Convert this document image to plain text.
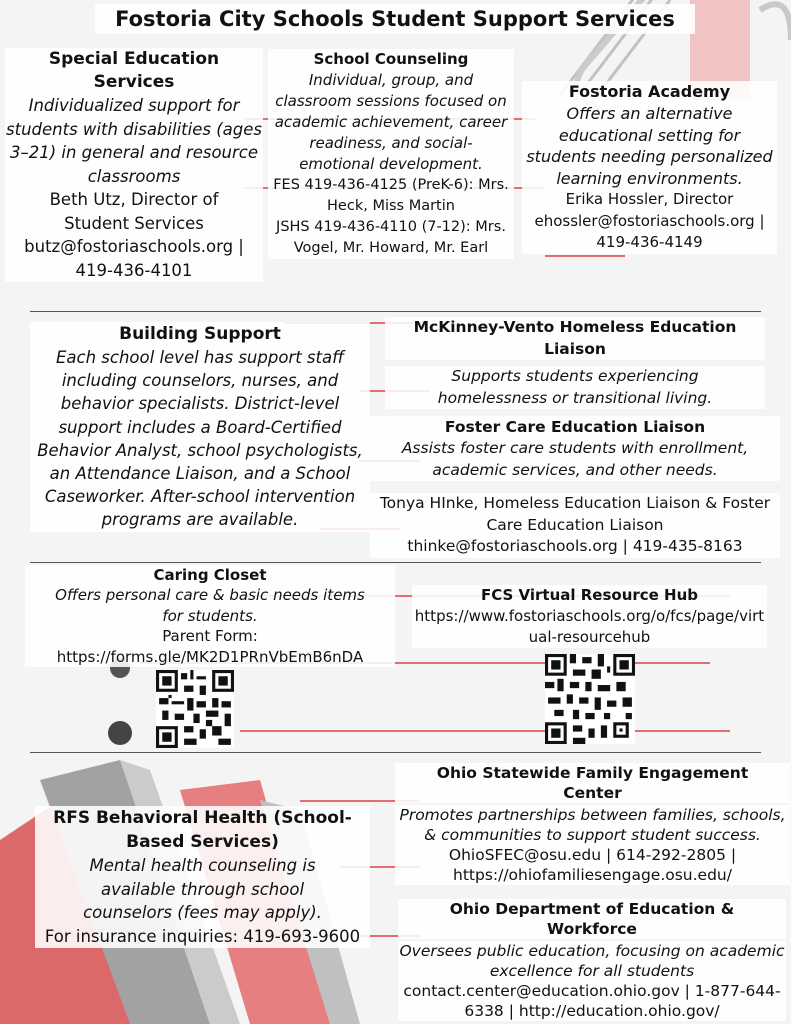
Fostoria City Schools Student Support Services
Special Education Services
Individualized support for students with disabilities (ages 3–21) in general and resource classrooms
Beth Utz, Director of Student Services
butz@fostoriaschools.org | 419-436-4101
School Counseling
Individual, group, and classroom sessions focused on academic achievement, career readiness, and social-emotional development.
FES 419-436-4125 (PreK-6): Mrs. Heck, Miss Martin
JSHS 419-436-4110 (7-12): Mrs. Vogel, Mr. Howard, Mr. Earl
Fostoria Academy
Offers an alternative educational setting for students needing personalized learning environments.
Erika Hossler, Director
ehossler@fostoriaschools.org | 419-436-4149
Building Support
Each school level has support staff including counselors, nurses, and behavior specialists. District-level support includes a Board-Certified Behavior Analyst, school psychologists, an Attendance Liaison, and a School Caseworker. After-school intervention programs are available.
McKinney-Vento Homeless Education Liaison
Supports students experiencing homelessness or transitional living.
Foster Care Education Liaison
Assists foster care students with enrollment, academic services, and other needs.
Tonya HInke, Homeless Education Liaison & Foster Care Education Liaison
thinke@fostoriaschools.org | 419-435-8163
Caring Closet
Offers personal care & basic needs items for students.
Parent Form:
https://forms.gle/MK2D1PRnVbEmB6nDA
FCS Virtual Resource Hub
https://www.fostoriaschools.org/o/fcs/page/virtual-resourcehub
RFS Behavioral Health (School-Based Services)
Mental health counseling is available through school counselors (fees may apply).
For insurance inquiries: 419-693-9600
Ohio Statewide Family Engagement Center
Promotes partnerships between families, schools, & communities to support student success.
OhioSFEC@osu.edu | 614-292-2805 | https://ohiofamiliesengage.osu.edu/
Ohio Department of Education & Workforce
Oversees public education, focusing on academic excellence for all students
contact.center@education.ohio.gov | 1-877-644-6338 | http://education.ohio.gov/
